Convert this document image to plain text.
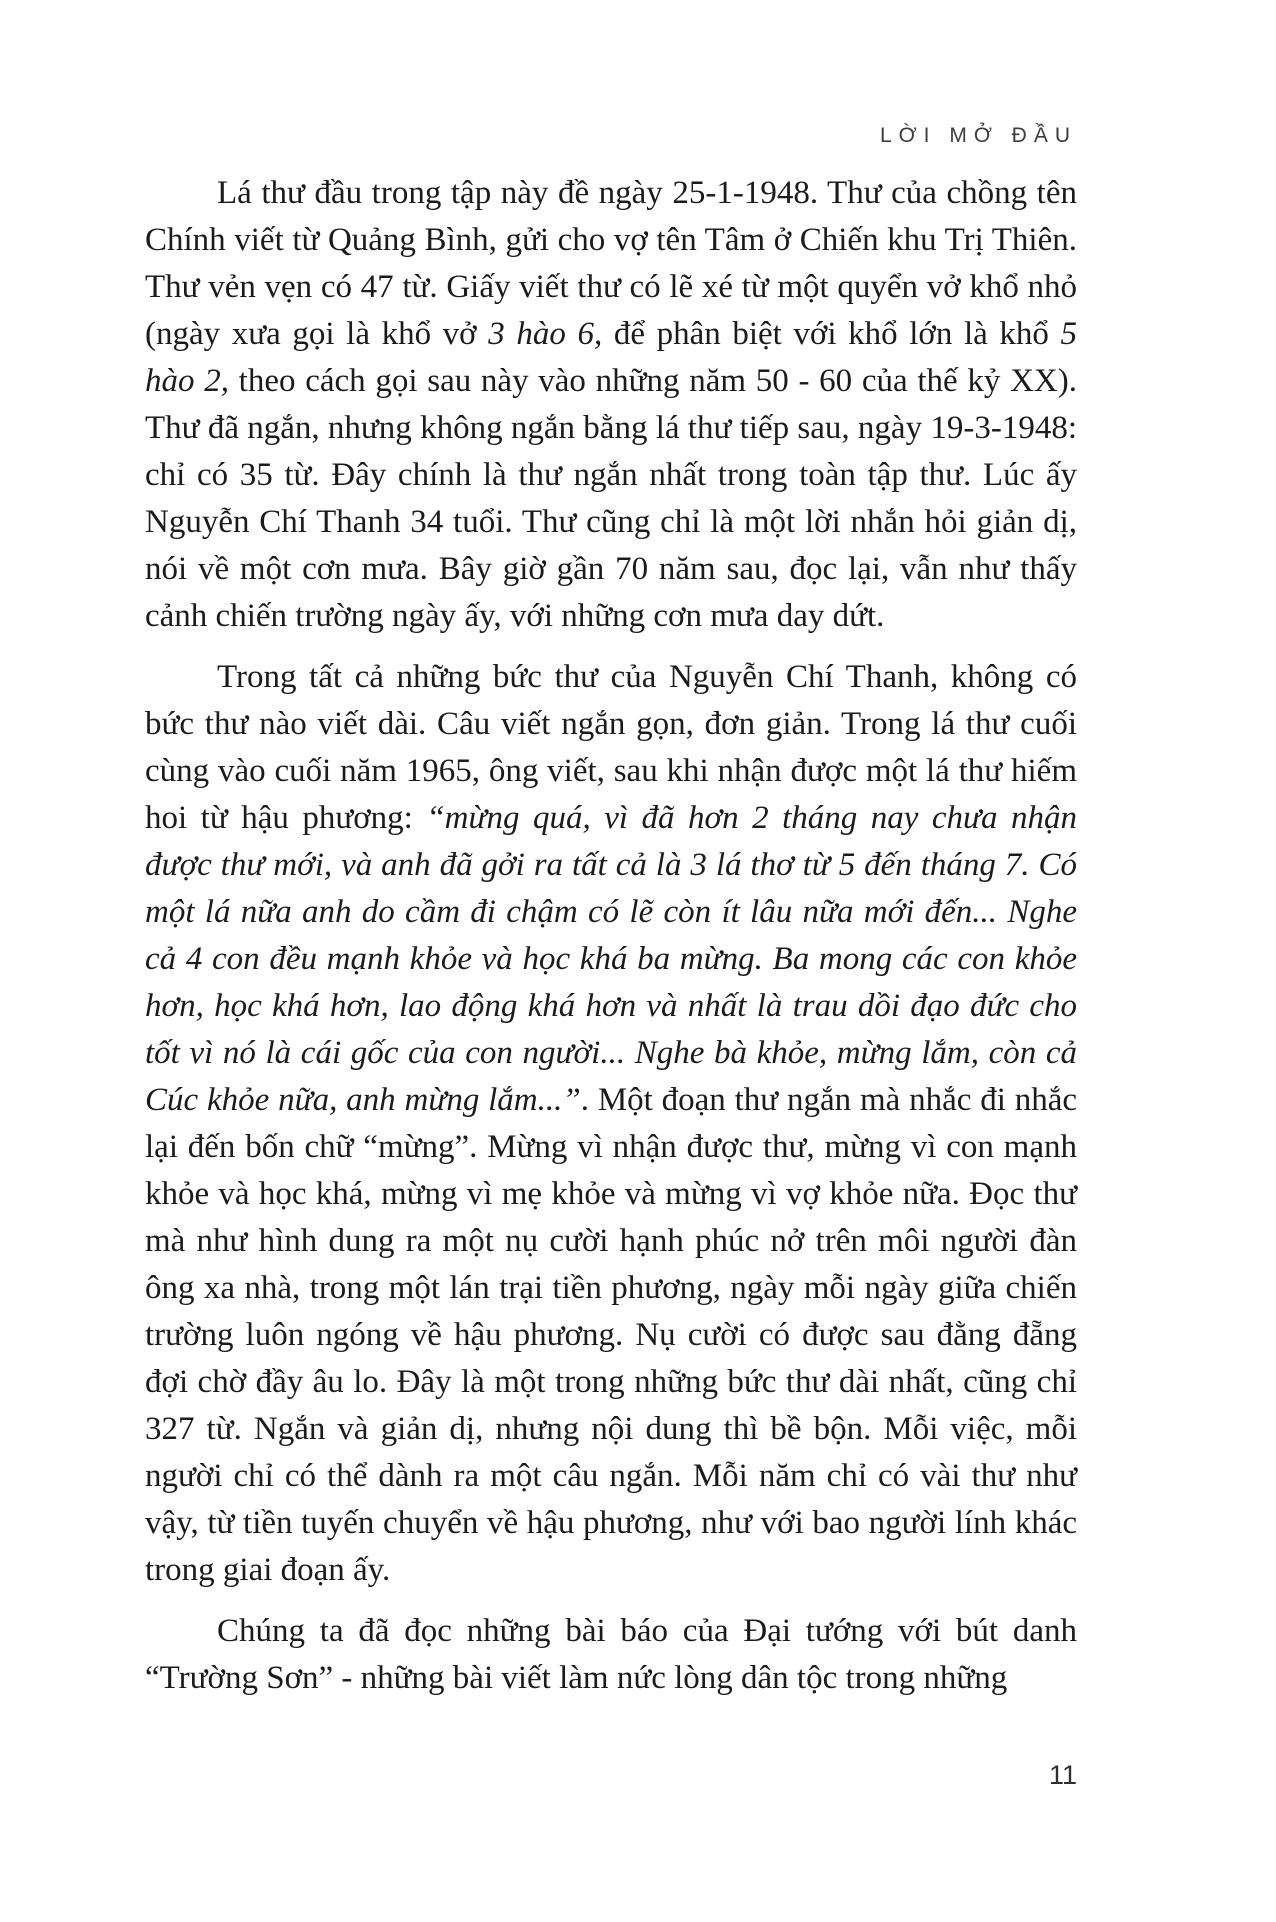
LỜI MỞ ĐẦU

Lá thư đầu trong tập này đề ngày 25-1-1948. Thư của chồng tên Chính viết từ Quảng Bình, gửi cho vợ tên Tâm ở Chiến khu Trị Thiên. Thư vẻn vẹn có 47 từ. Giấy viết thư có lẽ xé từ một quyển vở khổ nhỏ (ngày xưa gọi là khổ vở 3 hào 6, để phân biệt với khổ lớn là khổ 5 hào 2, theo cách gọi sau này vào những năm 50 - 60 của thế kỷ XX). Thư đã ngắn, nhưng không ngắn bằng lá thư tiếp sau, ngày 19-3-1948: chỉ có 35 từ. Đây chính là thư ngắn nhất trong toàn tập thư. Lúc ấy Nguyễn Chí Thanh 34 tuổi. Thư cũng chỉ là một lời nhắn hỏi giản dị, nói về một cơn mưa. Bây giờ gần 70 năm sau, đọc lại, vẫn như thấy cảnh chiến trường ngày ấy, với những cơn mưa day dứt.

Trong tất cả những bức thư của Nguyễn Chí Thanh, không có bức thư nào viết dài. Câu viết ngắn gọn, đơn giản. Trong lá thư cuối cùng vào cuối năm 1965, ông viết, sau khi nhận được một lá thư hiếm hoi từ hậu phương: “mừng quá, vì đã hơn 2 tháng nay chưa nhận được thư mới, và anh đã gởi ra tất cả là 3 lá thơ từ 5 đến tháng 7. Có một lá nữa anh do cầm đi chậm có lẽ còn ít lâu nữa mới đến... Nghe cả 4 con đều mạnh khỏe và học khá ba mừng. Ba mong các con khỏe hơn, học khá hơn, lao động khá hơn và nhất là trau dồi đạo đức cho tốt vì nó là cái gốc của con người... Nghe bà khỏe, mừng lắm, còn cả Cúc khỏe nữa, anh mừng lắm...”. Một đoạn thư ngắn mà nhắc đi nhắc lại đến bốn chữ “mừng”. Mừng vì nhận được thư, mừng vì con mạnh khỏe và học khá, mừng vì mẹ khỏe và mừng vì vợ khỏe nữa. Đọc thư mà như hình dung ra một nụ cười hạnh phúc nở trên môi người đàn ông xa nhà, trong một lán trại tiền phương, ngày mỗi ngày giữa chiến trường luôn ngóng về hậu phương. Nụ cười có được sau đằng đẵng đợi chờ đầy âu lo. Đây là một trong những bức thư dài nhất, cũng chỉ 327 từ. Ngắn và giản dị, nhưng nội dung thì bề bộn. Mỗi việc, mỗi người chỉ có thể dành ra một câu ngắn. Mỗi năm chỉ có vài thư như vậy, từ tiền tuyến chuyển về hậu phương, như với bao người lính khác trong giai đoạn ấy.

Chúng ta đã đọc những bài báo của Đại tướng với bút danh “Trường Sơn” - những bài viết làm nức lòng dân tộc trong những

11
